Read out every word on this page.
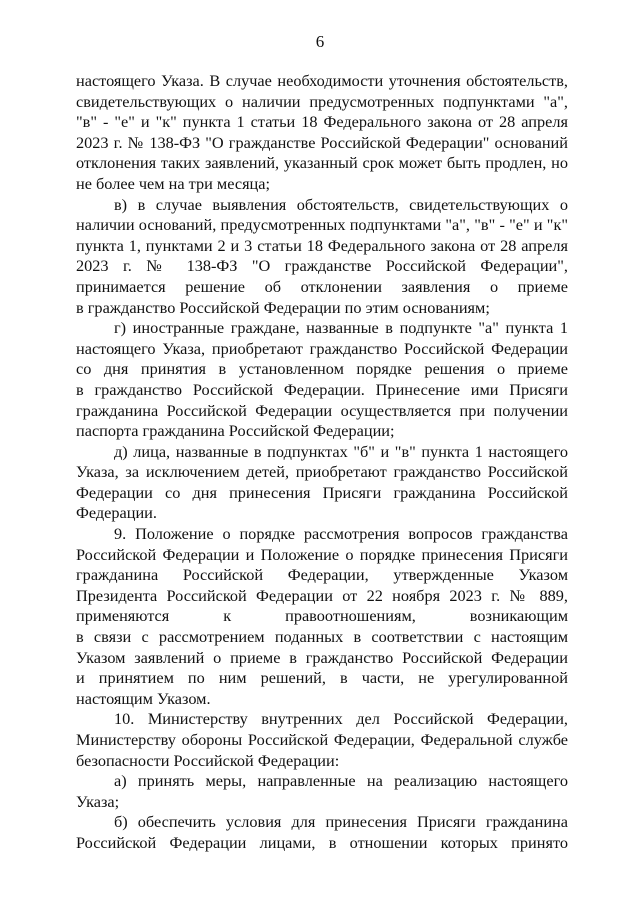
6
настоящего Указа. В случае необходимости уточнения обстоятельств,
свидетельствующих о наличии предусмотренных подпунктами "а",
"в" - "е" и "к" пункта 1 статьи 18 Федерального закона от 28 апреля
2023 г. № 138-ФЗ "О гражданстве Российской Федерации" оснований
отклонения таких заявлений, указанный срок может быть продлен, но
не более чем на три месяца;
в) в случае выявления обстоятельств, свидетельствующих о
наличии оснований, предусмотренных подпунктами "а", "в" - "е" и "к"
пункта 1, пунктами 2 и 3 статьи 18 Федерального закона от 28 апреля
2023 г. № 138-ФЗ "О гражданстве Российской Федерации",
принимается решение об отклонении заявления о приеме
в гражданство Российской Федерации по этим основаниям;
г) иностранные граждане, названные в подпункте "а" пункта 1
настоящего Указа, приобретают гражданство Российской Федерации
со дня принятия в установленном порядке решения о приеме
в гражданство Российской Федерации. Принесение ими Присяги
гражданина Российской Федерации осуществляется при получении
паспорта гражданина Российской Федерации;
д) лица, названные в подпунктах "б" и "в" пункта 1 настоящего
Указа, за исключением детей, приобретают гражданство Российской
Федерации со дня принесения Присяги гражданина Российской
Федерации.
9. Положение о порядке рассмотрения вопросов гражданства
Российской Федерации и Положение о порядке принесения Присяги
гражданина Российской Федерации, утвержденные Указом
Президента Российской Федерации от 22 ноября 2023 г. № 889,
применяются к правоотношениям, возникающим
в связи с рассмотрением поданных в соответствии с настоящим
Указом заявлений о приеме в гражданство Российской Федерации
и принятием по ним решений, в части, не урегулированной
настоящим Указом.
10. Министерству внутренних дел Российской Федерации,
Министерству обороны Российской Федерации, Федеральной службе
безопасности Российской Федерации:
а) принять меры, направленные на реализацию настоящего
Указа;
б) обеспечить условия для принесения Присяги гражданина
Российской Федерации лицами, в отношении которых принято
